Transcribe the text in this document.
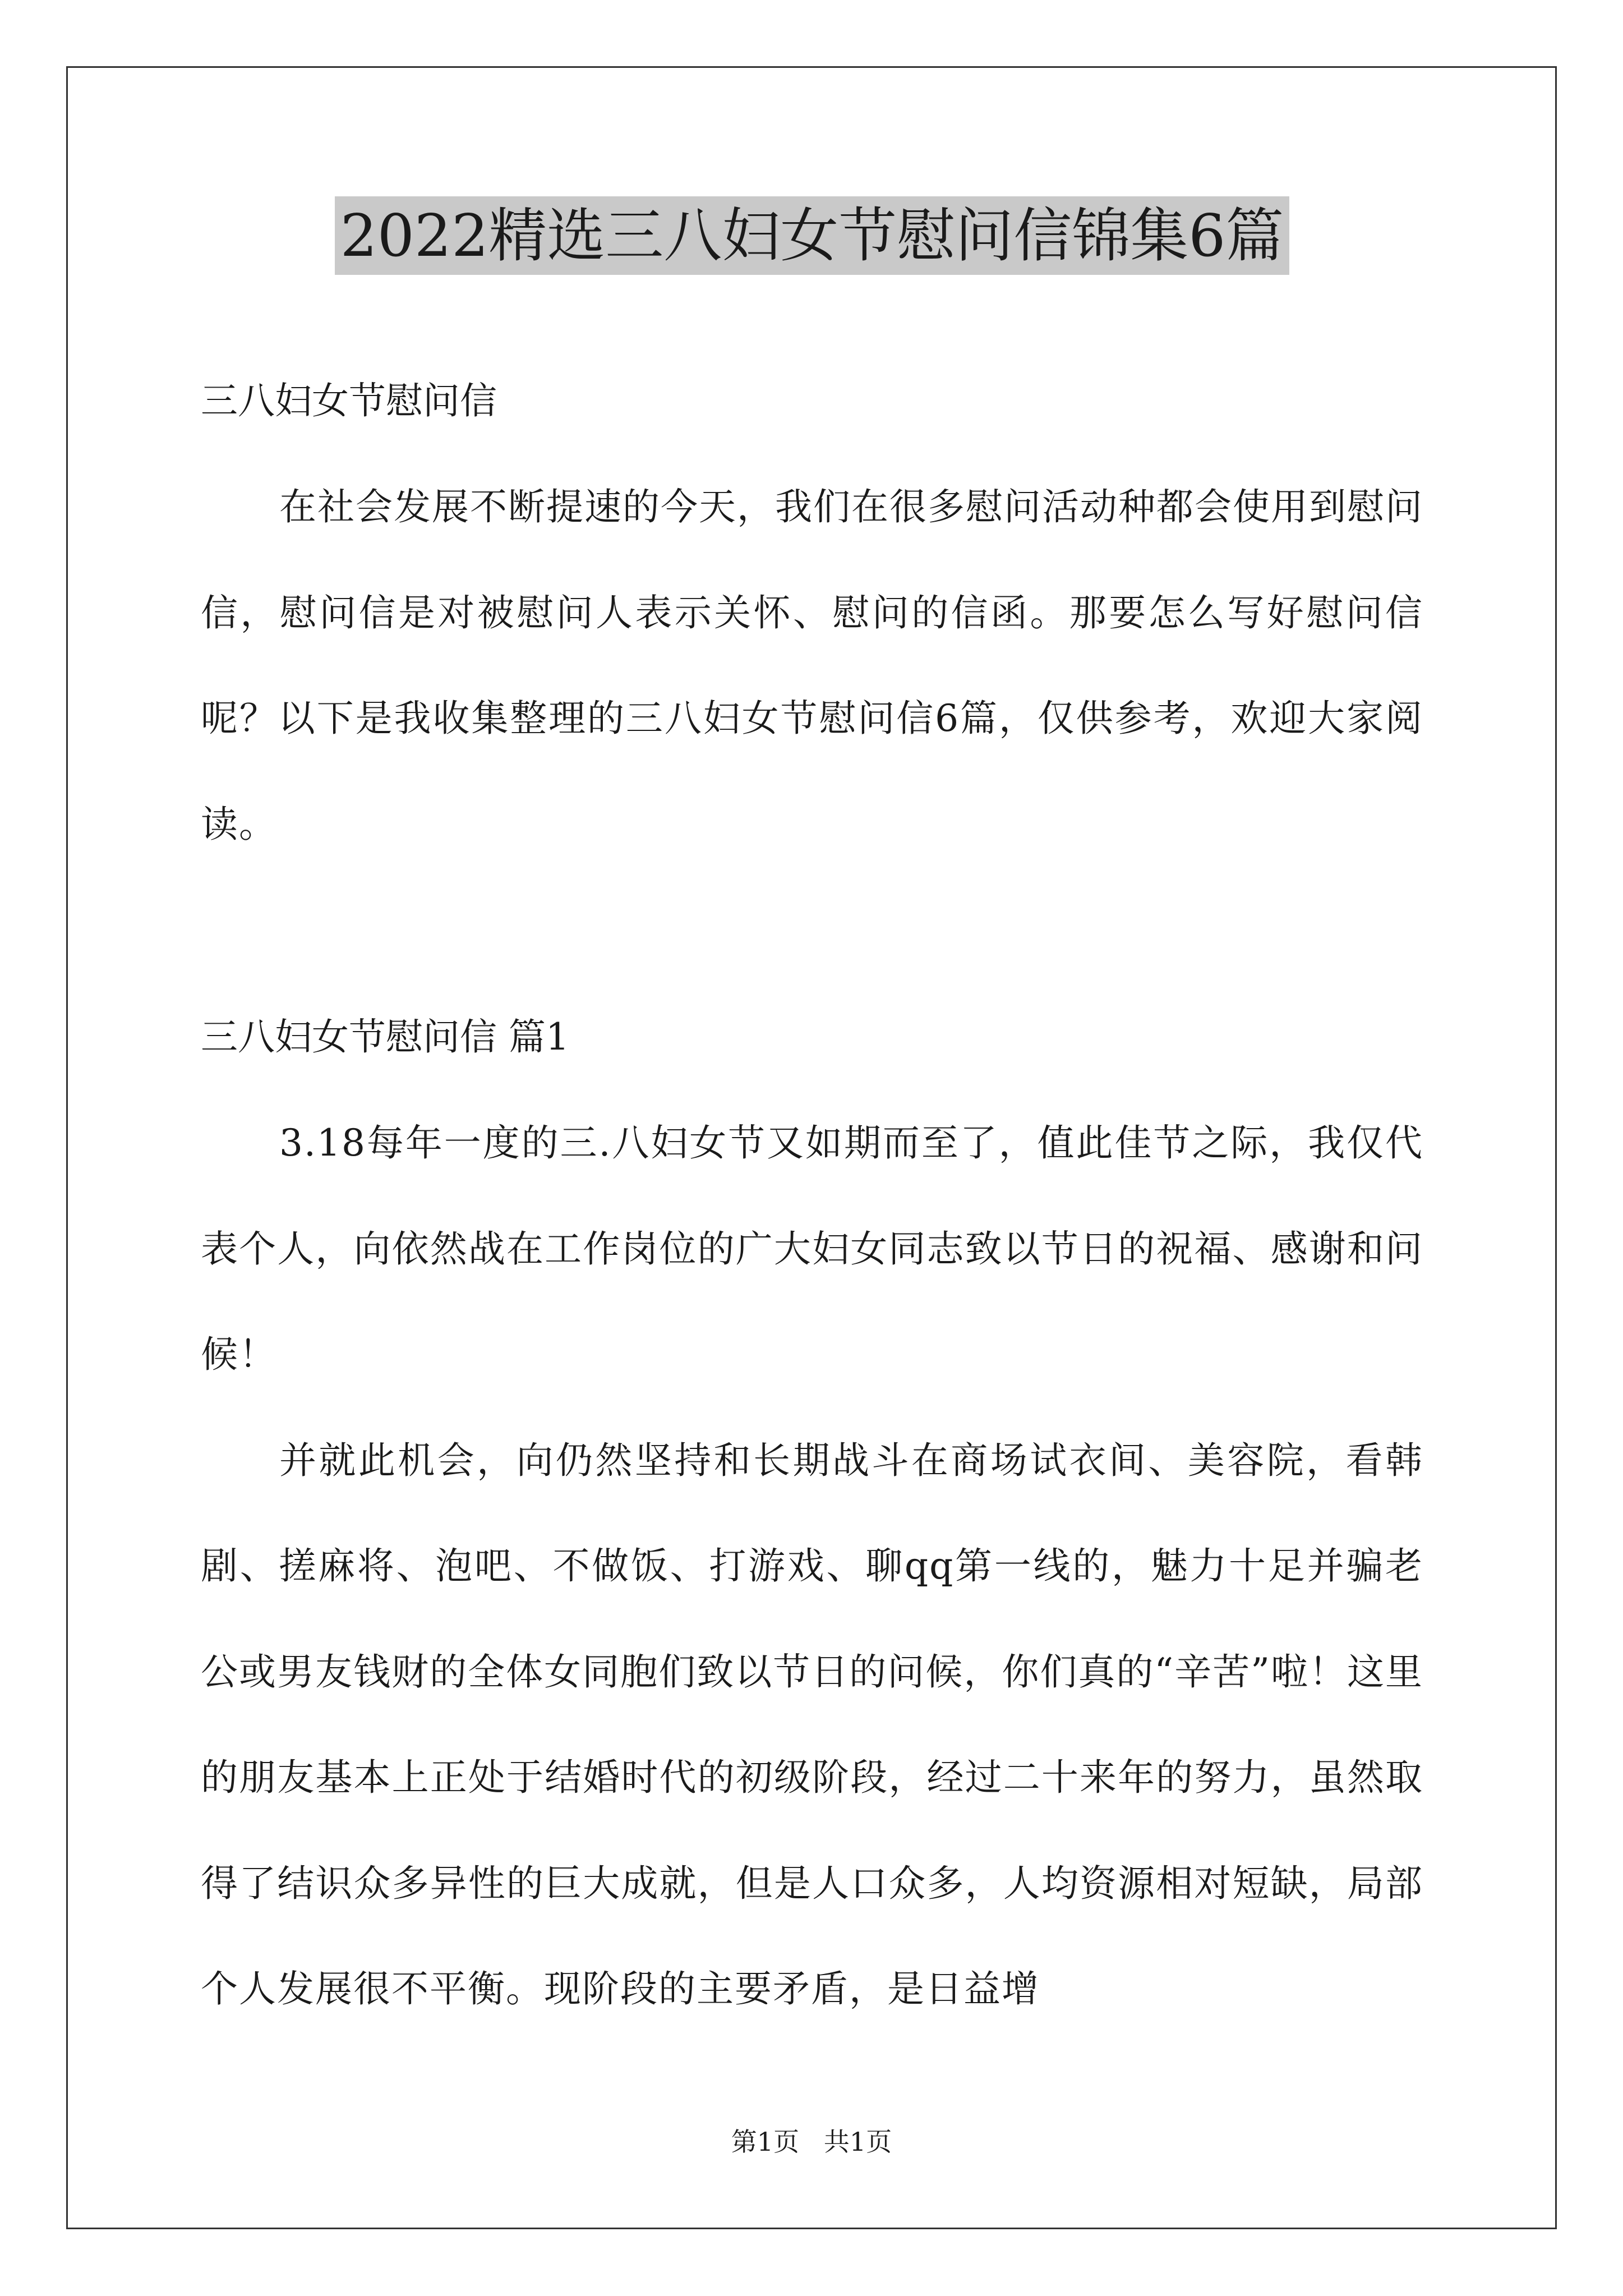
2022精选三八妇女节慰问信锦集6篇

三八妇女节慰问信

在社会发展不断提速的今天，我们在很多慰问活动种都会使用到慰问信，慰问信是对被慰问人表示关怀、慰问的信函。那要怎么写好慰问信呢？以下是我收集整理的三八妇女节慰问信6篇，仅供参考，欢迎大家阅读。

三八妇女节慰问信 篇1

3.18每年一度的三.八妇女节又如期而至了，值此佳节之际，我仅代表个人，向依然战在工作岗位的广大妇女同志致以节日的祝福、感谢和问候！

并就此机会，向仍然坚持和长期战斗在商场试衣间、美容院，看韩剧、搓麻将、泡吧、不做饭、打游戏、聊qq第一线的，魅力十足并骗老公或男友钱财的全体女同胞们致以节日的问候，你们真的“辛苦”啦！这里的朋友基本上正处于结婚时代的初级阶段，经过二十来年的努力，虽然取得了结识众多异性的巨大成就，但是人口众多，人均资源相对短缺，局部个人发展很不平衡。现阶段的主要矛盾，是日益增

第1页   共1页
